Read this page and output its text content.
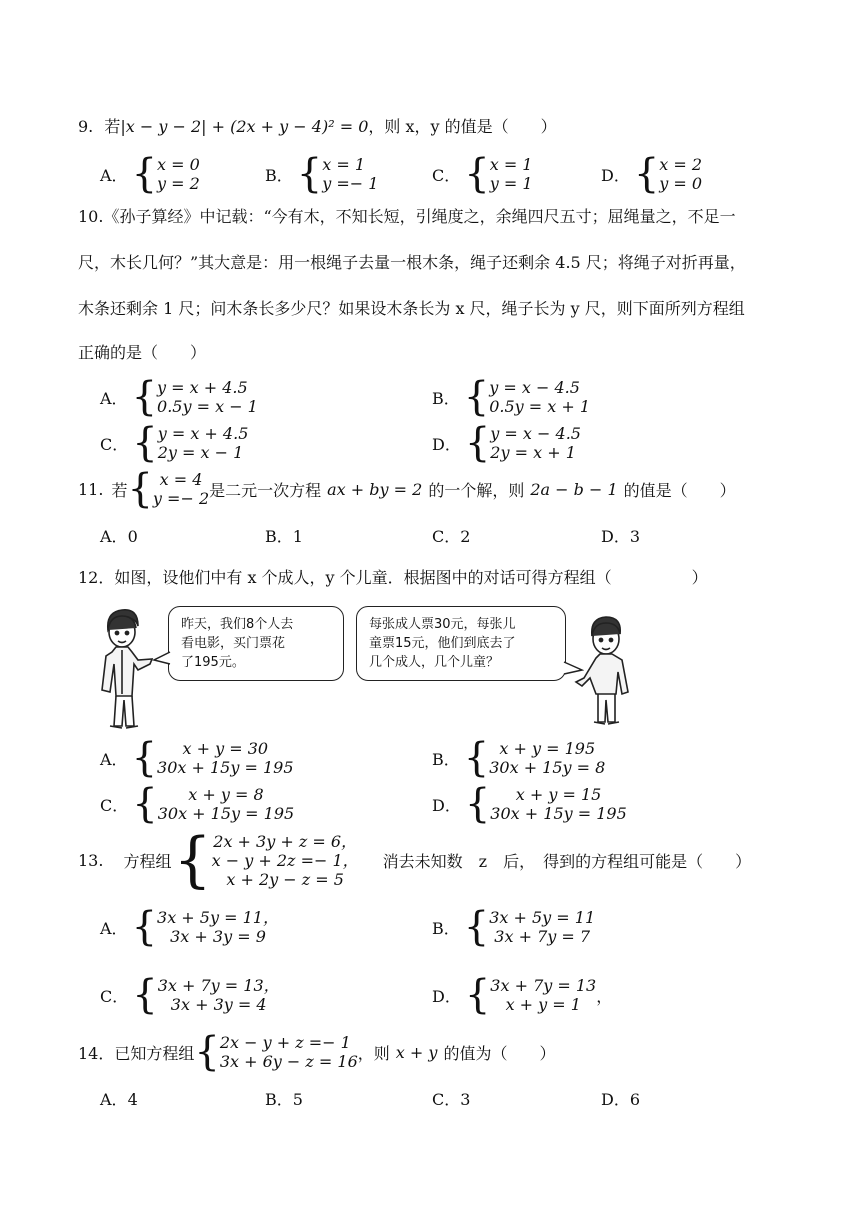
9. 若|x − y − 2| + (2x + y − 4)² = 0，则 x，y 的值是（　　）
A． { x = 0
y = 2	B． { x = 1
y =− 1	C． { x = 1
y = 1	D． { x = 2
y = 0
10.《孙子算经》中记载：“今有木，不知长短，引绳度之，余绳四尺五寸；屈绳量之，不足一
尺，木长几何？”其大意是：用一根绳子去量一根木条，绳子还剩余 4.5 尺；将绳子对折再量，
木条还剩余 1 尺；问木条长多少尺？如果设木条长为 x 尺，绳子长为 y 尺，则下面所列方程组
正确的是（　　）
A． { y = x + 4.5
0.5y = x − 1	B． { y = x − 4.5
0.5y = x + 1
C． { y = x + 4.5
2y = x − 1	D． { y = x − 4.5
2y = x + 1
11. 若 { x = 4
y =− 2 是二元一次方程 ax + by = 2 的一个解，则 2a − b − 1 的值是（　　）
A．0	B．1	C．2	D．3
12．如图，设他们中有 x 个成人，y 个儿童．根据图中的对话可得方程组（　　　　　）
昨天，我们8个人去
看电影，买门票花
了195元。
每张成人票30元，每张儿
童票15元，他们到底去了
几个成人，几个儿童？
A． { x + y = 30
30x + 15y = 195	B． { x + y = 195
30x + 15y = 8
C． { x + y = 8
30x + 15y = 195	D． { x + y = 15
30x + 15y = 195
13. 方程组 { 2x + 3y + z = 6，
x − y + 2z =− 1，
x + 2y − z = 5
消去未知数　z　后，　得到的方程组可能是（　　）
A． { 3x + 5y = 11，
3x + 3y = 9	B． { 3x + 5y = 11
3x + 7y = 7
C． { 3x + 7y = 13，
3x + 3y = 4	D． { 3x + 7y = 13
x + y = 1 ，
14．已知方程组 { 2x − y + z =− 1
3x + 6y − z = 16 ，则 x + y 的值为（　　）
A．4	B．5	C．3	D．6
